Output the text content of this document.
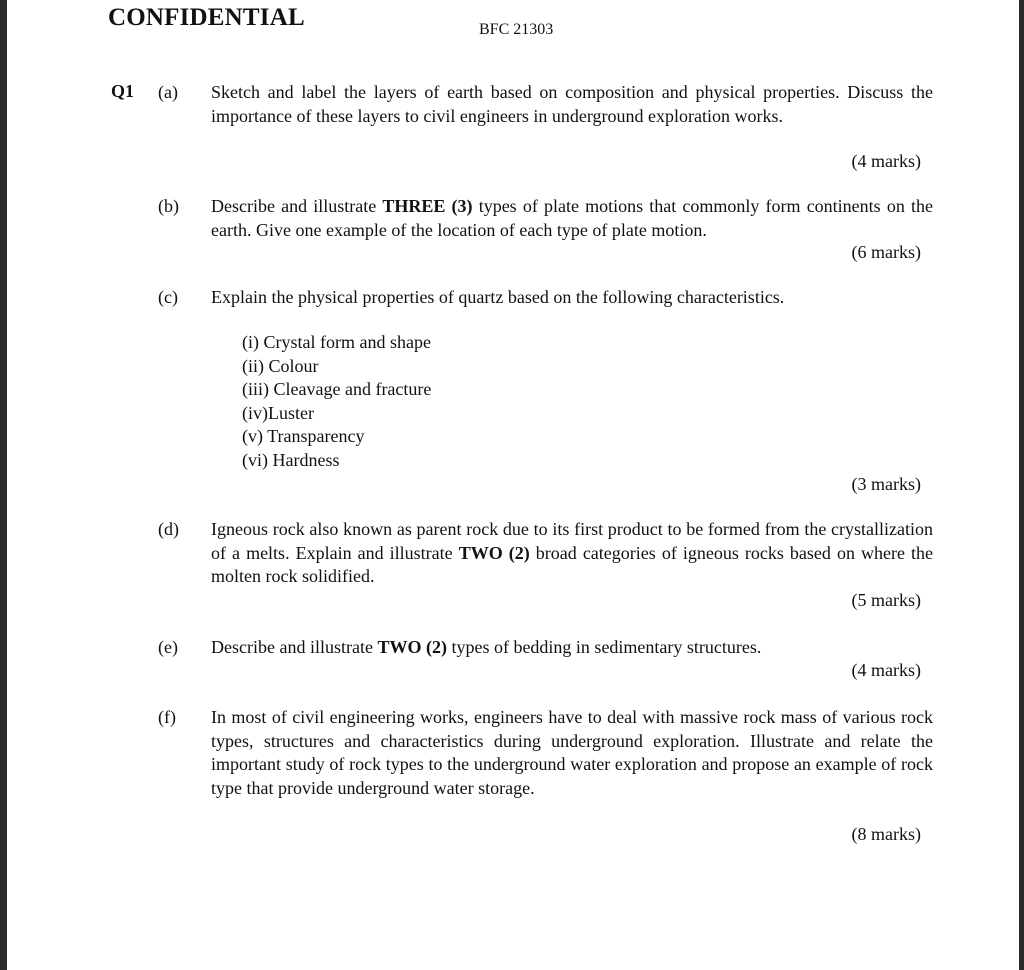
CONFIDENTIAL	BFC 21303
Q1 (a) Sketch and label the layers of earth based on composition and physical properties. Discuss the importance of these layers to civil engineers in underground exploration works.
(4 marks)
(b) Describe and illustrate THREE (3) types of plate motions that commonly form continents on the earth. Give one example of the location of each type of plate motion.
(6 marks)
(c) Explain the physical properties of quartz based on the following characteristics.
(i) Crystal form and shape
(ii) Colour
(iii) Cleavage and fracture
(iv)Luster
(v) Transparency
(vi) Hardness
(3 marks)
(d) Igneous rock also known as parent rock due to its first product to be formed from the crystallization of a melts. Explain and illustrate TWO (2) broad categories of igneous rocks based on where the molten rock solidified.
(5 marks)
(e) Describe and illustrate TWO (2) types of bedding in sedimentary structures.
(4 marks)
(f) In most of civil engineering works, engineers have to deal with massive rock mass of various rock types, structures and characteristics during underground exploration. Illustrate and relate the important study of rock types to the underground water exploration and propose an example of rock type that provide underground water storage.
(8 marks)
